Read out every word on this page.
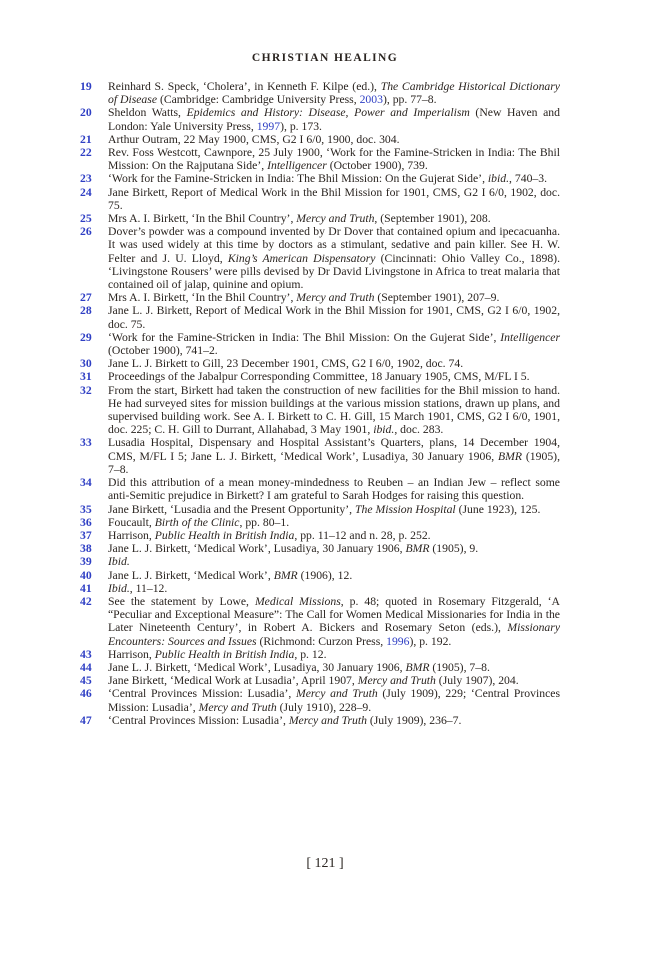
CHRISTIAN HEALING
19	Reinhard S. Speck, ‘Cholera’, in Kenneth F. Kilpe (ed.), The Cambridge Historical Dictionary of Disease (Cambridge: Cambridge University Press, 2003), pp. 77–8.
20	Sheldon Watts, Epidemics and History: Disease, Power and Imperialism (New Haven and London: Yale University Press, 1997), p. 173.
21	Arthur Outram, 22 May 1900, CMS, G2 I 6/0, 1900, doc. 304.
22	Rev. Foss Westcott, Cawnpore, 25 July 1900, ‘Work for the Famine-Stricken in India: The Bhil Mission: On the Rajputana Side’, Intelligencer (October 1900), 739.
23	‘Work for the Famine-Stricken in India: The Bhil Mission: On the Gujerat Side’, ibid., 740–3.
24	Jane Birkett, Report of Medical Work in the Bhil Mission for 1901, CMS, G2 I 6/0, 1902, doc. 75.
25	Mrs A. I. Birkett, ‘In the Bhil Country’, Mercy and Truth, (September 1901), 208.
26	Dover’s powder was a compound invented by Dr Dover that contained opium and ipecacuanha. It was used widely at this time by doctors as a stimulant, sedative and pain killer. See H. W. Felter and J. U. Lloyd, King’s American Dispensatory (Cincinnati: Ohio Valley Co., 1898). ‘Livingstone Rousers’ were pills devised by Dr David Livingstone in Africa to treat malaria that contained oil of jalap, quinine and opium.
27	Mrs A. I. Birkett, ‘In the Bhil Country’, Mercy and Truth (September 1901), 207–9.
28	Jane L. J. Birkett, Report of Medical Work in the Bhil Mission for 1901, CMS, G2 I 6/0, 1902, doc. 75.
29	‘Work for the Famine-Stricken in India: The Bhil Mission: On the Gujerat Side’, Intelligencer (October 1900), 741–2.
30	Jane L. J. Birkett to Gill, 23 December 1901, CMS, G2 I 6/0, 1902, doc. 74.
31	Proceedings of the Jabalpur Corresponding Committee, 18 January 1905, CMS, M/FL I 5.
32	From the start, Birkett had taken the construction of new facilities for the Bhil mission to hand. He had surveyed sites for mission buildings at the various mission stations, drawn up plans, and supervised building work. See A. I. Birkett to C. H. Gill, 15 March 1901, CMS, G2 I 6/0, 1901, doc. 225; C. H. Gill to Durrant, Allahabad, 3 May 1901, ibid., doc. 283.
33	Lusadia Hospital, Dispensary and Hospital Assistant’s Quarters, plans, 14 December 1904, CMS, M/FL I 5; Jane L. J. Birkett, ‘Medical Work’, Lusadiya, 30 January 1906, BMR (1905), 7–8.
34	Did this attribution of a mean money-mindedness to Reuben – an Indian Jew – reflect some anti-Semitic prejudice in Birkett? I am grateful to Sarah Hodges for raising this question.
35	Jane Birkett, ‘Lusadia and the Present Opportunity’, The Mission Hospital (June 1923), 125.
36	Foucault, Birth of the Clinic, pp. 80–1.
37	Harrison, Public Health in British India, pp. 11–12 and n. 28, p. 252.
38	Jane L. J. Birkett, ‘Medical Work’, Lusadiya, 30 January 1906, BMR (1905), 9.
39	Ibid.
40	Jane L. J. Birkett, ‘Medical Work’, BMR (1906), 12.
41	Ibid., 11–12.
42	See the statement by Lowe, Medical Missions, p. 48; quoted in Rosemary Fitzgerald, ‘A “Peculiar and Exceptional Measure”: The Call for Women Medical Missionaries for India in the Later Nineteenth Century’, in Robert A. Bickers and Rosemary Seton (eds.), Missionary Encounters: Sources and Issues (Richmond: Curzon Press, 1996), p. 192.
43	Harrison, Public Health in British India, p. 12.
44	Jane L. J. Birkett, ‘Medical Work’, Lusadiya, 30 January 1906, BMR (1905), 7–8.
45	Jane Birkett, ‘Medical Work at Lusadia’, April 1907, Mercy and Truth (July 1907), 204.
46	‘Central Provinces Mission: Lusadia’, Mercy and Truth (July 1909), 229; ‘Central Provinces Mission: Lusadia’, Mercy and Truth (July 1910), 228–9.
47	‘Central Provinces Mission: Lusadia’, Mercy and Truth (July 1909), 236–7.
[ 121 ]
